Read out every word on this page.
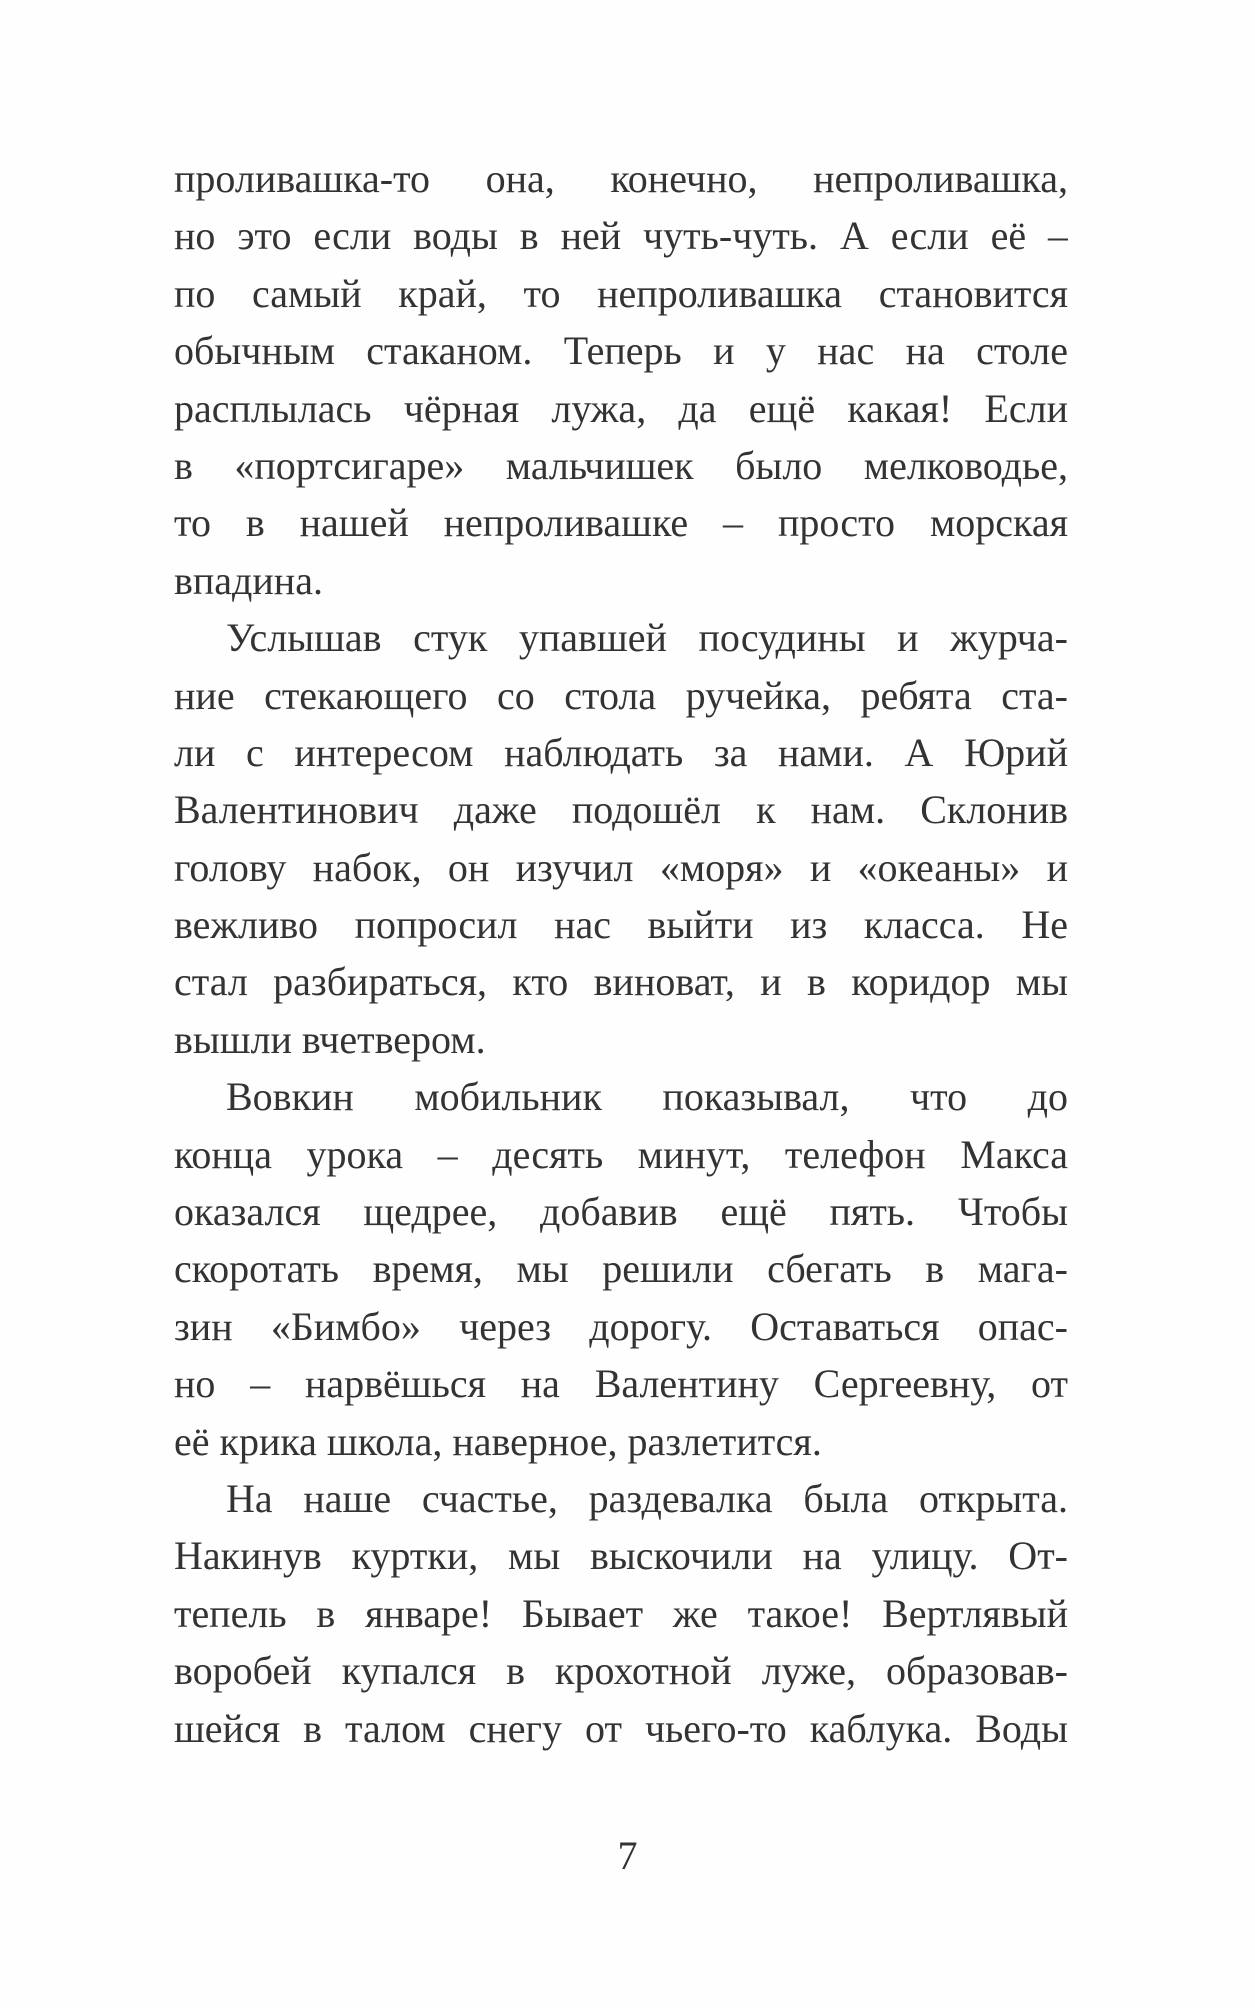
проливашка-то она, конечно, непроливашка,
но это если воды в ней чуть-чуть. А если её –
по самый край, то непроливашка становится
обычным стаканом. Теперь и у нас на столе
расплылась чёрная лужа, да ещё какая! Если
в «портсигаре» мальчишек было мелководье,
то в нашей непроливашке – просто морская
впадина.
Услышав стук упавшей посудины и журча-
ние стекающего со стола ручейка, ребята ста-
ли с интересом наблюдать за нами. А Юрий
Валентинович даже подошёл к нам. Склонив
голову набок, он изучил «моря» и «океаны» и
вежливо попросил нас выйти из класса. Не
стал разбираться, кто виноват, и в коридор мы
вышли вчетвером.
Вовкин мобильник показывал, что до
конца урока – десять минут, телефон Макса
оказался щедрее, добавив ещё пять. Чтобы
скоротать время, мы решили сбегать в мага-
зин «Бимбо» через дорогу. Оставаться опас-
но – нарвёшься на Валентину Сергеевну, от
её крика школа, наверное, разлетится.
На наше счастье, раздевалка была открыта.
Накинув куртки, мы выскочили на улицу. От-
тепель в январе! Бывает же такое! Вертлявый
воробей купался в крохотной луже, образовав-
шейся в талом снегу от чьего-то каблука. Воды
7
